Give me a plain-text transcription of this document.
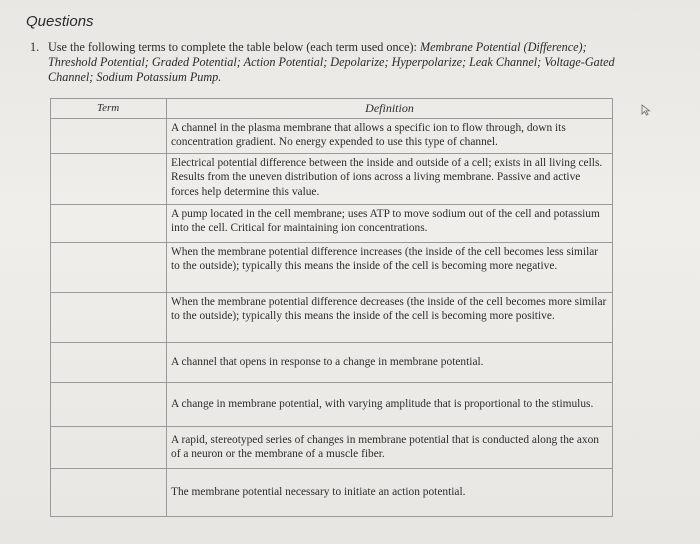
Questions
1. Use the following terms to complete the table below (each term used once): Membrane Potential (Difference); Threshold Potential; Graded Potential; Action Potential; Depolarize; Hyperpolarize; Leak Channel; Voltage-Gated Channel; Sodium Potassium Pump.
Term	Definition
	A channel in the plasma membrane that allows a specific ion to flow through, down its concentration gradient. No energy expended to use this type of channel.
	Electrical potential difference between the inside and outside of a cell; exists in all living cells. Results from the uneven distribution of ions across a living membrane. Passive and active forces help determine this value.
	A pump located in the cell membrane; uses ATP to move sodium out of the cell and potassium into the cell. Critical for maintaining ion concentrations.
	When the membrane potential difference increases (the inside of the cell becomes less similar to the outside); typically this means the inside of the cell is becoming more negative.
	When the membrane potential difference decreases (the inside of the cell becomes more similar to the outside); typically this means the inside of the cell is becoming more positive.
	A channel that opens in response to a change in membrane potential.
	A change in membrane potential, with varying amplitude that is proportional to the stimulus.
	A rapid, stereotyped series of changes in membrane potential that is conducted along the axon of a neuron or the membrane of a muscle fiber.
	The membrane potential necessary to initiate an action potential.
